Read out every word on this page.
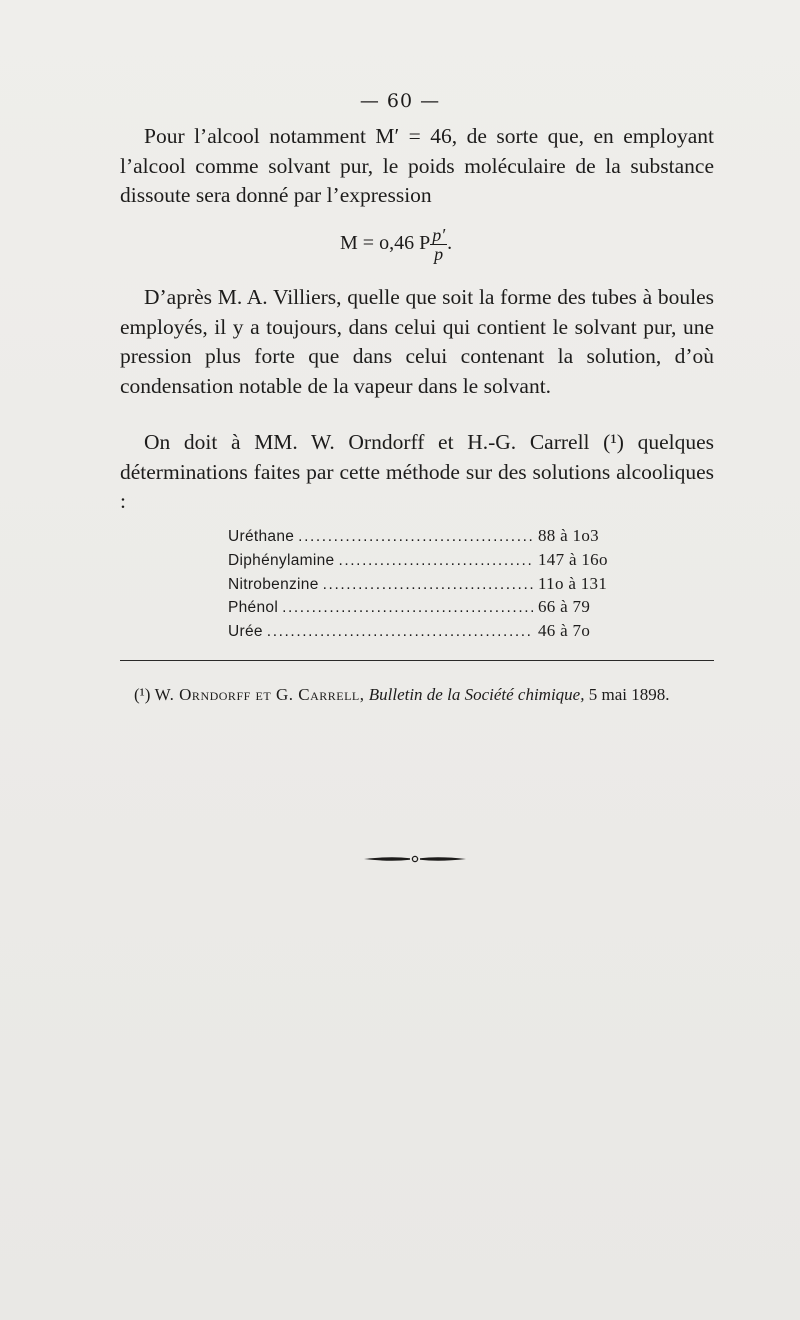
— 60 —
Pour l’alcool notamment M′ = 46, de sorte que, en employant l’alcool comme solvant pur, le poids moléculaire de la substance dissoute sera donné par l’expression
M = o,46 P $\frac{p'}{p}$ .
D’après M. A. Villiers, quelle que soit la forme des tubes à boules employés, il y a toujours, dans celui qui contient le solvant pur, une pression plus forte que dans celui contenant la solution, d’où condensation notable de la vapeur dans le solvant.
On doit à MM. W. Orndorff et H.-G. Carrell (¹) quelques déterminations faites par cette méthode sur des solutions alcooliques :
Uréthane .....	88 à 1o3
Diphénylamine .....	147 à 16o
Nitrobenzine .....	11o à 131
Phénol .....	66 à 79
Urée .....	46 à 7o
(¹) W. Orndorff et G. Carrell, Bulletin de la Société chimique, 5 mai 1898.
